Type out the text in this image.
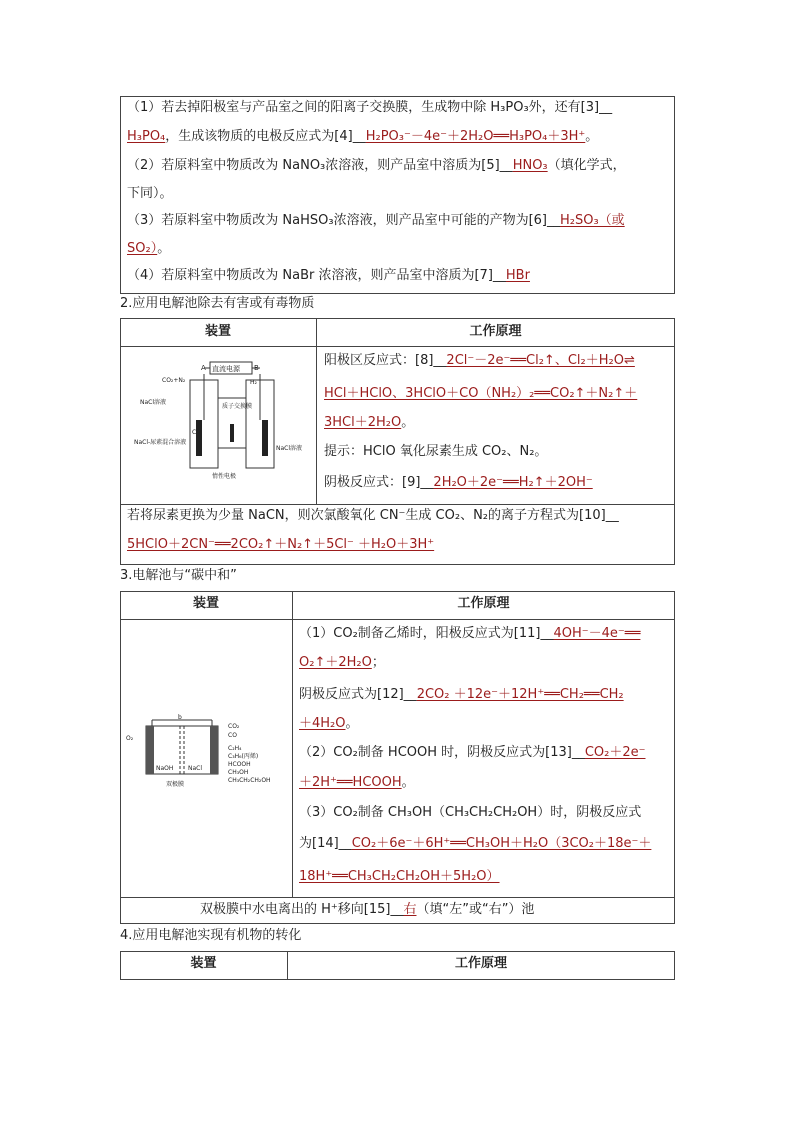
（1）若去掉阳极室与产品室之间的阳离子交换膜，生成物中除 H₃PO₃外，还有[3]__
H₃PO₄，生成该物质的电极反应式为[4]__H₂PO₃⁻－4e⁻＋2H₂O══H₃PO₄＋3H⁺。
（2）若原料室中物质改为 NaNO₃浓溶液，则产品室中溶质为[5]__HNO₃（填化学式，
下同）。
（3）若原料室中物质改为 NaHSO₃浓溶液，则产品室中可能的产物为[6]__H₂SO₃（或
SO₂）。
（4）若原料室中物质改为 NaBr 浓溶液，则产品室中溶质为[7]__HBr
2.应用电解池除去有害或有毒物质
装置	工作原理
直流电源
A	B
CO₂+N₂	H₂
NaCl溶液
质子交换膜
Cl₂
NaCl-尿素混合溶液
NaCl溶液
惰性电极
阳极区反应式：[8]__2Cl⁻－2e⁻══Cl₂↑、Cl₂＋H₂O⇌
HCl＋HClO、3HClO＋CO（NH₂）₂══CO₂↑＋N₂↑＋
3HCl＋2H₂O。
提示：HClO 氧化尿素生成 CO₂、N₂。
阴极反应式：[9]__2H₂O＋2e⁻══H₂↑＋2OH⁻
若将尿素更换为少量 NaCN，则次氯酸氧化 CN⁻生成 CO₂、N₂的离子方程式为[10]__
5HClO＋2CN⁻══2CO₂↑＋N₂↑＋5Cl⁻ ＋H₂O＋3H⁺
3.电解池与“碳中和”
装置	工作原理
b
O₂
NaOH NaCl
双极膜
CO₂
CO
C₂H₄
C₃H₆(丙烯)
HCOOH
CH₃OH
CH₃CH₂CH₂OH
（1）CO₂制备乙烯时，阳极反应式为[11]__4OH⁻－4e⁻══
O₂↑＋2H₂O；
阴极反应式为[12]__2CO₂ ＋12e⁻＋12H⁺══CH₂══CH₂
＋4H₂O。
（2）CO₂制备 HCOOH 时，阴极反应式为[13]__CO₂＋2e⁻
＋2H⁺══HCOOH。
（3）CO₂制备 CH₃OH（CH₃CH₂CH₂OH）时，阴极反应式
为[14]__CO₂＋6e⁻＋6H⁺══CH₃OH＋H₂O（3CO₂＋18e⁻＋
18H⁺══CH₃CH₂CH₂OH＋5H₂O）
双极膜中水电离出的 H⁺移向[15]__右（填“左”或“右”）池
4.应用电解池实现有机物的转化
装置	工作原理
